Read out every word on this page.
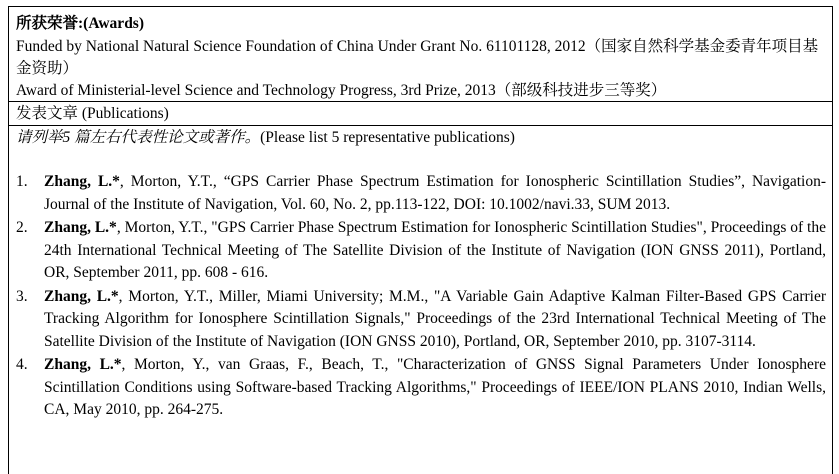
所获荣誉:(Awards)
Funded by National Natural Science Foundation of China Under Grant No. 61101128, 2012（国家自然科学基金委青年项目基金资助）
Award of Ministerial-level Science and Technology Progress, 3rd Prize, 2013（部级科技进步三等奖）
发表文章 (Publications)
请列举5 篇左右代表性论文或著作。(Please list 5 representative publications)
1. Zhang, L.*, Morton, Y.T., “GPS Carrier Phase Spectrum Estimation for Ionospheric Scintillation Studies”, Navigation-Journal of the Institute of Navigation, Vol. 60, No. 2, pp.113-122, DOI: 10.1002/navi.33, SUM 2013.
2. Zhang, L.*, Morton, Y.T., "GPS Carrier Phase Spectrum Estimation for Ionospheric Scintillation Studies", Proceedings of the 24th International Technical Meeting of The Satellite Division of the Institute of Navigation (ION GNSS 2011), Portland, OR, September 2011, pp. 608 - 616.
3. Zhang, L.*, Morton, Y.T., Miller, Miami University; M.M., "A Variable Gain Adaptive Kalman Filter-Based GPS Carrier Tracking Algorithm for Ionosphere Scintillation Signals," Proceedings of the 23rd International Technical Meeting of The Satellite Division of the Institute of Navigation (ION GNSS 2010), Portland, OR, September 2010, pp. 3107-3114.
4. Zhang, L.*, Morton, Y., van Graas, F., Beach, T., "Characterization of GNSS Signal Parameters Under Ionosphere Scintillation Conditions using Software-based Tracking Algorithms," Proceedings of IEEE/ION PLANS 2010, Indian Wells, CA, May 2010, pp. 264-275.
